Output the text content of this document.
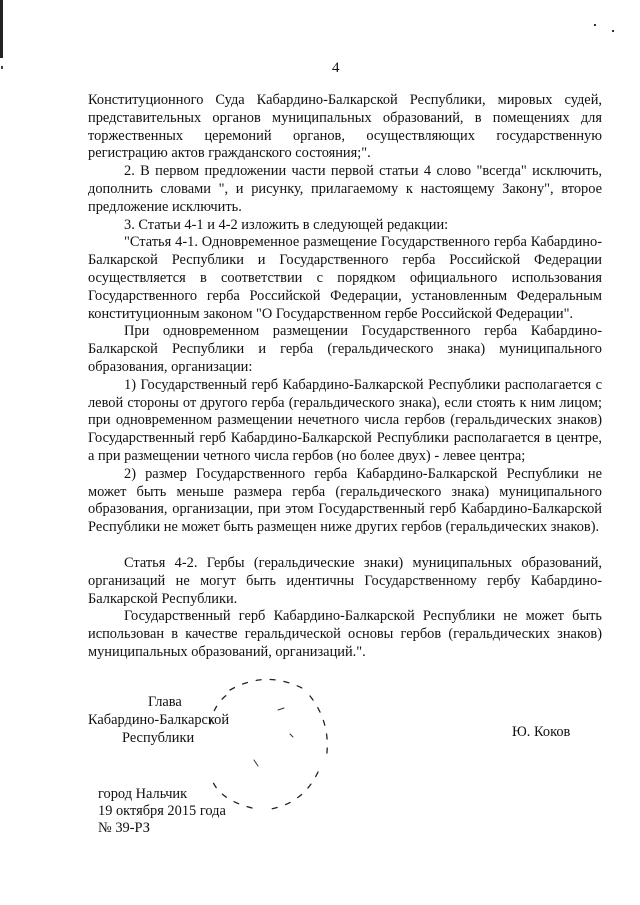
4

Конституционного Суда Кабардино-Балкарской Республики, мировых судей, представительных органов муниципальных образований, в помещениях для торжественных церемоний органов, осуществляющих государственную регистрацию актов гражданского состояния;".

2. В первом предложении части первой статьи 4 слово "всегда" исключить, дополнить словами ", и рисунку, прилагаемому к настоящему Закону", второе предложение исключить.

3. Статьи 4-1 и 4-2 изложить в следующей редакции:

"Статья 4-1. Одновременное размещение Государственного герба Кабардино-Балкарской Республики и Государственного герба Российской Федерации осуществляется в соответствии с порядком официального использования Государственного герба Российской Федерации, установленным Федеральным конституционным законом "О Государственном гербе Российской Федерации".

При одновременном размещении Государственного герба Кабардино-Балкарской Республики и герба (геральдического знака) муниципального образования, организации:

1) Государственный герб Кабардино-Балкарской Республики располагается с левой стороны от другого герба (геральдического знака), если стоять к ним лицом; при одновременном размещении нечетного числа гербов (геральдических знаков) Государственный герб Кабардино-Балкарской Республики располагается в центре, а при размещении четного числа гербов (но более двух) - левее центра;

2) размер Государственного герба Кабардино-Балкарской Республики не может быть меньше размера герба (геральдического знака) муниципального образования, организации, при этом Государственный герб Кабардино-Балкарской Республики не может быть размещен ниже других гербов (геральдических знаков).

Статья 4-2. Гербы (геральдические знаки) муниципальных образований, организаций не могут быть идентичны Государственному гербу Кабардино-Балкарской Республики.

Государственный герб Кабардино-Балкарской Республики не может быть использован в качестве геральдической основы гербов (геральдических знаков) муниципальных образований, организаций.".

Глава
Кабардино-Балкарской
Республики	Ю. Коков
город Нальчик
19 октября 2015 года
№ 39-РЗ
